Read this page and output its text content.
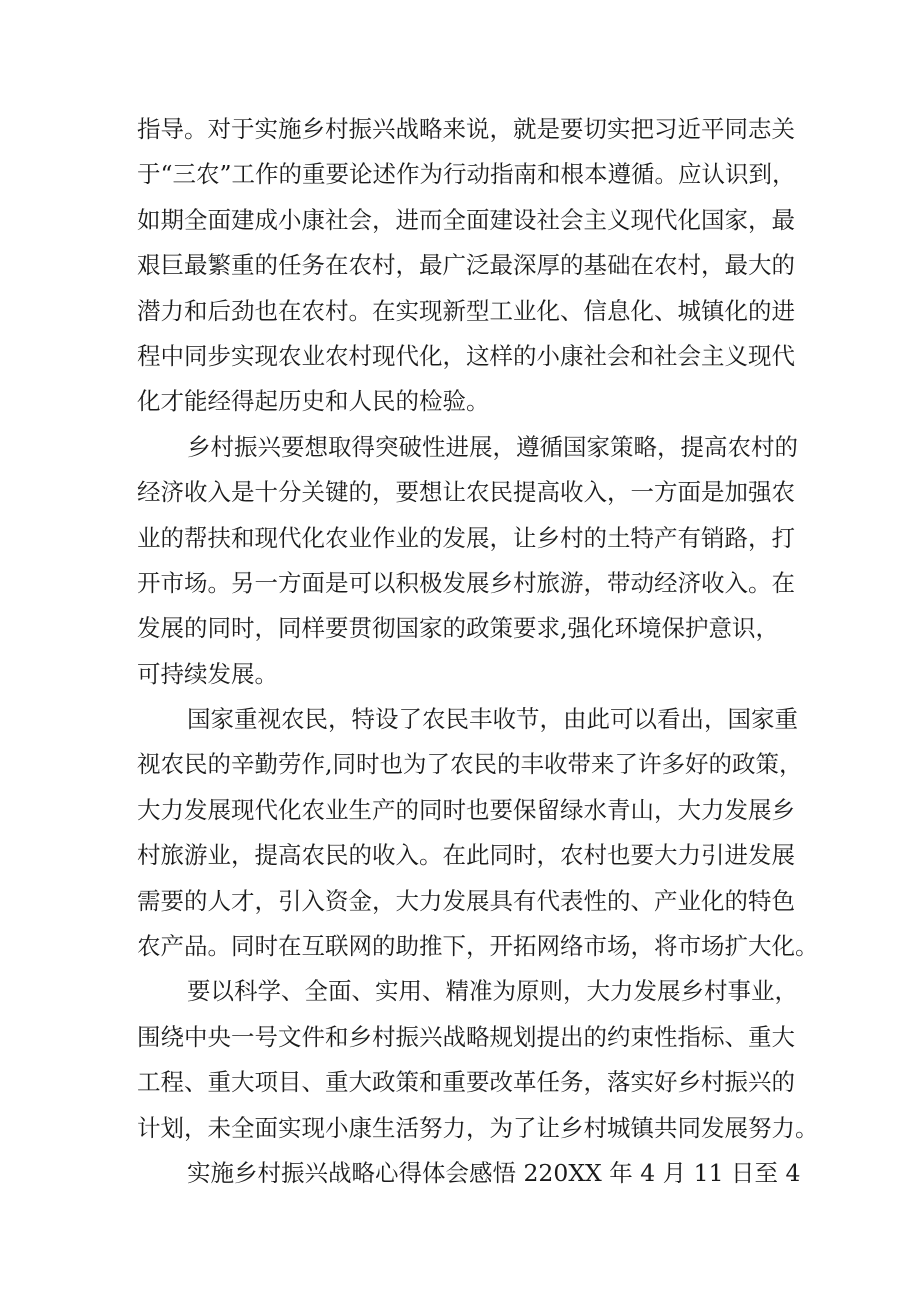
指导。对于实施乡村振兴战略来说，就是要切实把习近平同志关
于“三农”工作的重要论述作为行动指南和根本遵循。应认识到，
如期全面建成小康社会，进而全面建设社会主义现代化国家，最
艰巨最繁重的任务在农村，最广泛最深厚的基础在农村，最大的
潜力和后劲也在农村。在实现新型工业化、信息化、城镇化的进
程中同步实现农业农村现代化，这样的小康社会和社会主义现代
化才能经得起历史和人民的检验。
乡村振兴要想取得突破性进展，遵循国家策略，提高农村的
经济收入是十分关键的，要想让农民提高收入，一方面是加强农
业的帮扶和现代化农业作业的发展，让乡村的土特产有销路，打
开市场。另一方面是可以积极发展乡村旅游，带动经济收入。在
发展的同时，同样要贯彻国家的政策要求,强化环境保护意识，
可持续发展。
国家重视农民，特设了农民丰收节，由此可以看出，国家重
视农民的辛勤劳作,同时也为了农民的丰收带来了许多好的政策，
大力发展现代化农业生产的同时也要保留绿水青山，大力发展乡
村旅游业，提高农民的收入。在此同时，农村也要大力引进发展
需要的人才，引入资金，大力发展具有代表性的、产业化的特色
农产品。同时在互联网的助推下，开拓网络市场，将市场扩大化。
要以科学、全面、实用、精准为原则，大力发展乡村事业，
围绕中央一号文件和乡村振兴战略规划提出的约束性指标、重大
工程、重大项目、重大政策和重要改革任务，落实好乡村振兴的
计划，未全面实现小康生活努力，为了让乡村城镇共同发展努力。
实施乡村振兴战略心得体会感悟 220XX 年 4 月 11 日至 4
